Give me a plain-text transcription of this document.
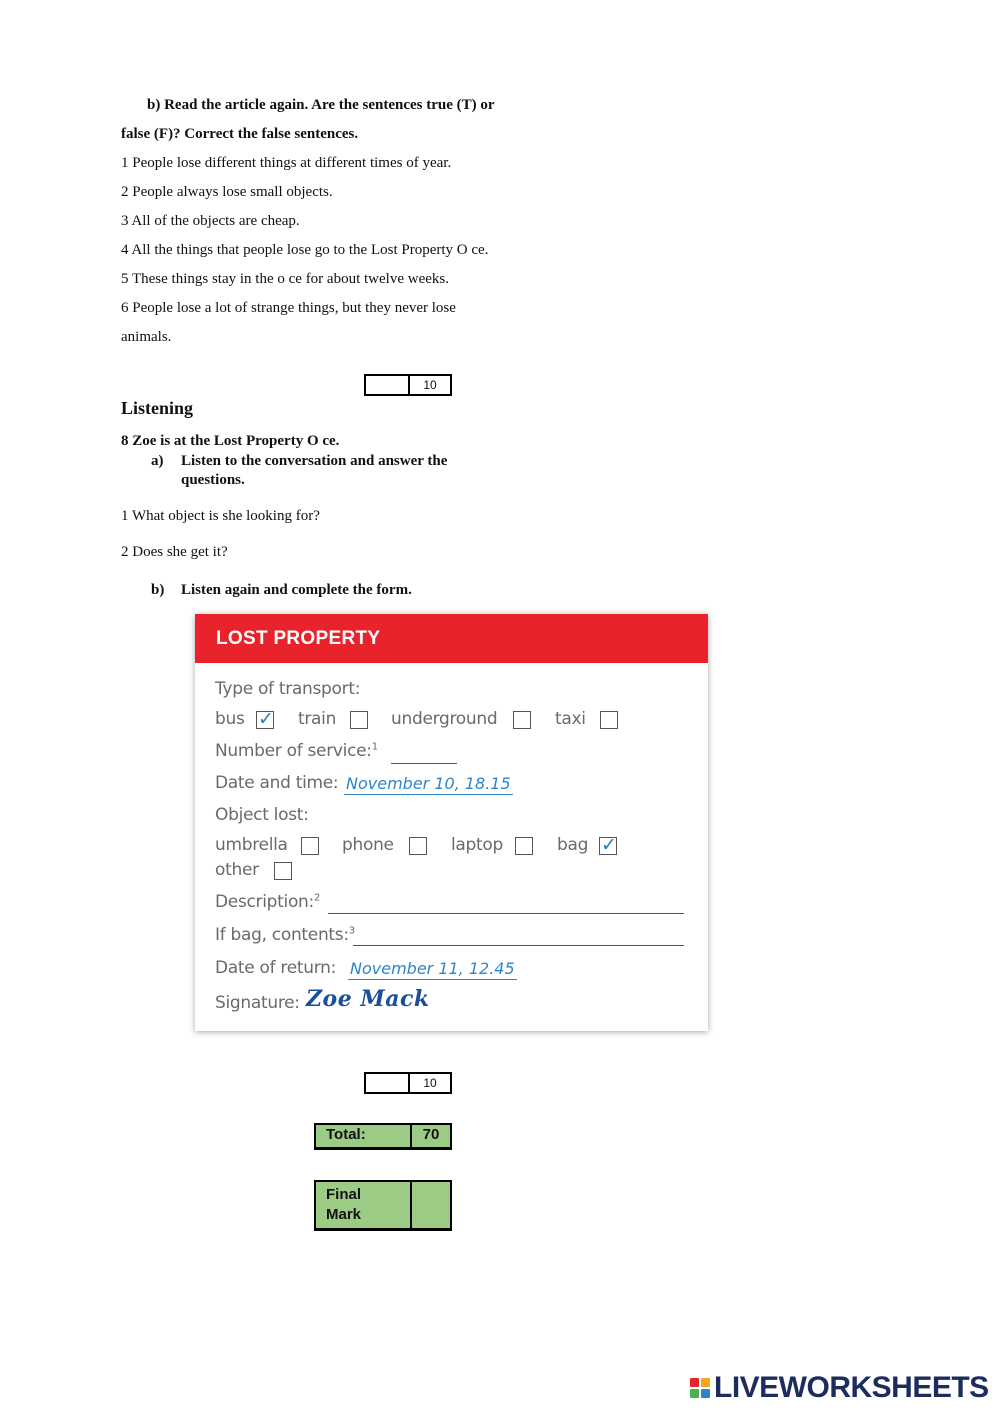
b) Read the article again. Are the sentences true (T) or
false (F)? Correct the false sentences.
1 People lose different things at different times of year.
2 People always lose small objects.
3 All of the objects are cheap.
4 All the things that people lose go to the Lost Property O ce.
5 These things stay in the o ce for about twelve weeks.
6 People lose a lot of strange things, but they never lose
animals.
10
Listening
8 Zoe is at the Lost Property O ce.
a) Listen to the conversation and answer the
questions.
1 What object is she looking for?
2 Does she get it?
b) Listen again and complete the form.
LOST PROPERTY
Type of transport:
bus ✓ train	underground	taxi
Number of service:$^1$
Date and time: November 10, 18.15
Object lost:
umbrella	phone	laptop	bag ✓
other
Description:$^2$
If bag, contents:$^3$
Date of return: November 11, 12.45
Signature: Zoe Mack
10
Total:	70
Final Mark
LIVEWORKSHEETS
